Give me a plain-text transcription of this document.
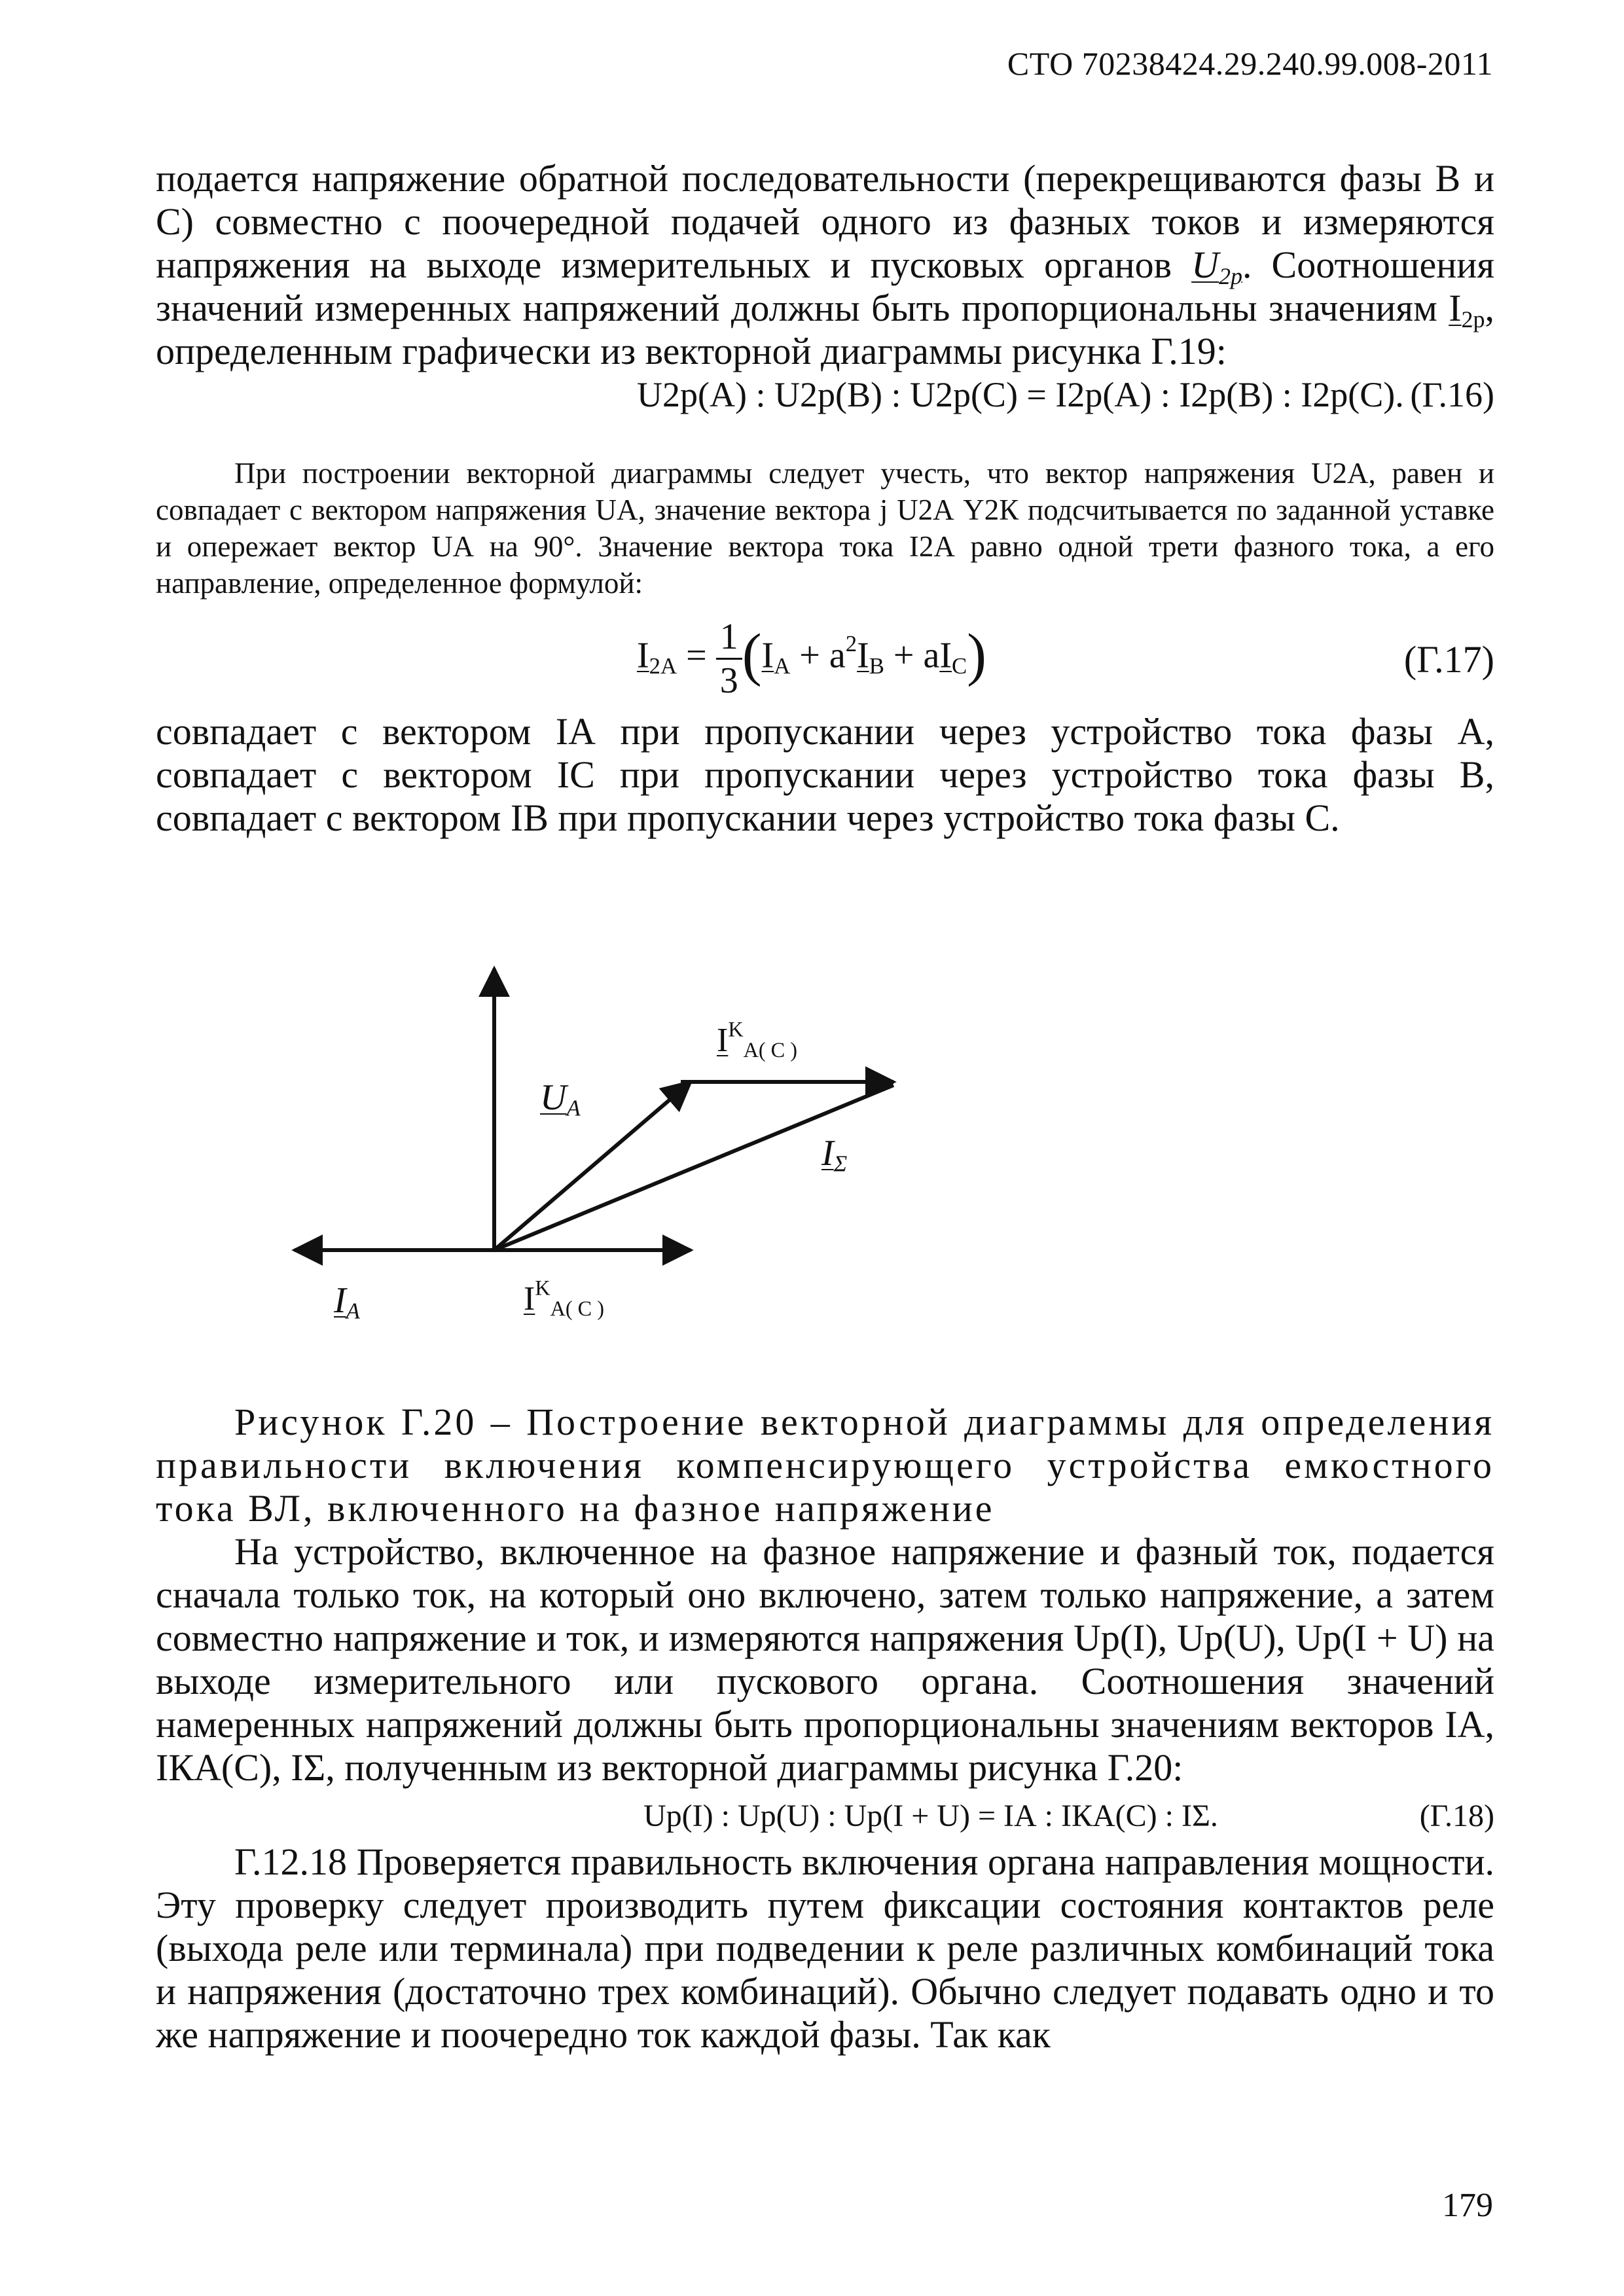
СТО 70238424.29.240.99.008-2011

подается напряжение обратной последовательности (перекрещиваются фазы В и С) совместно с поочередной подачей одного из фазных токов и измеряются напряжения на выходе измерительных и пусковых органов $U_{2р}$. Соотношения значений измеренных напряжений должны быть пропорциональны значениям $I_{2р}$, определенным графически из векторной диаграммы рисунка Г.19:

U2р(А) : U2р(В) : U2р(С) = I2р(А) : I2р(В) : I2р(С). (Г.16)

При построении векторной диаграммы следует учесть, что вектор напряжения U2А, равен и совпадает с вектором напряжения UА, значение вектора j U2А Y2К подсчитывается по заданной уставке и опережает вектор UА на 90°. Значение вектора тока I2А равно одной трети фазного тока, а его направление, определенное формулой:

$I_{2А} = \frac{1}{3} (I_А + a^2I_В + aI_С)$	(Г.17)

совпадает с вектором IА при пропускании через устройство тока фазы А, совпадает с вектором IС при пропускании через устройство тока фазы В, совпадает с вектором IВ при пропускании через устройство тока фазы С.

$U_A$
$I^K_{A( C )}$
$I_\Sigma$
$I_A$	$I^K_{A( C )}$

Рисунок Г.20 – Построение векторной диаграммы для определения правильности включения компенсирующего устройства емкостного тока ВЛ, включенного на фазное напряжение

На устройство, включенное на фазное напряжение и фазный ток, подается сначала только ток, на который оно включено, затем только напряжение, а затем совместно напряжение и ток, и измеряются напряжения Uр(I), Uр(U), Uр(I + U) на выходе измерительного или пускового органа. Соотношения значений намеренных напряжений должны быть пропорциональны значениям векторов IА, IКА(С), IΣ, полученным из векторной диаграммы рисунка Г.20:

Uр(I) : Uр(U) : Uр(I + U) = IА : IКА(С) : IΣ.	(Г.18)

Г.12.18 Проверяется правильность включения органа направления мощности. Эту проверку следует производить путем фиксации состояния контактов реле (выхода реле или терминала) при подведении к реле различных комбинаций тока и напряжения (достаточно трех комбинаций). Обычно следует подавать одно и то же напряжение и поочередно ток каждой фазы. Так как

179
